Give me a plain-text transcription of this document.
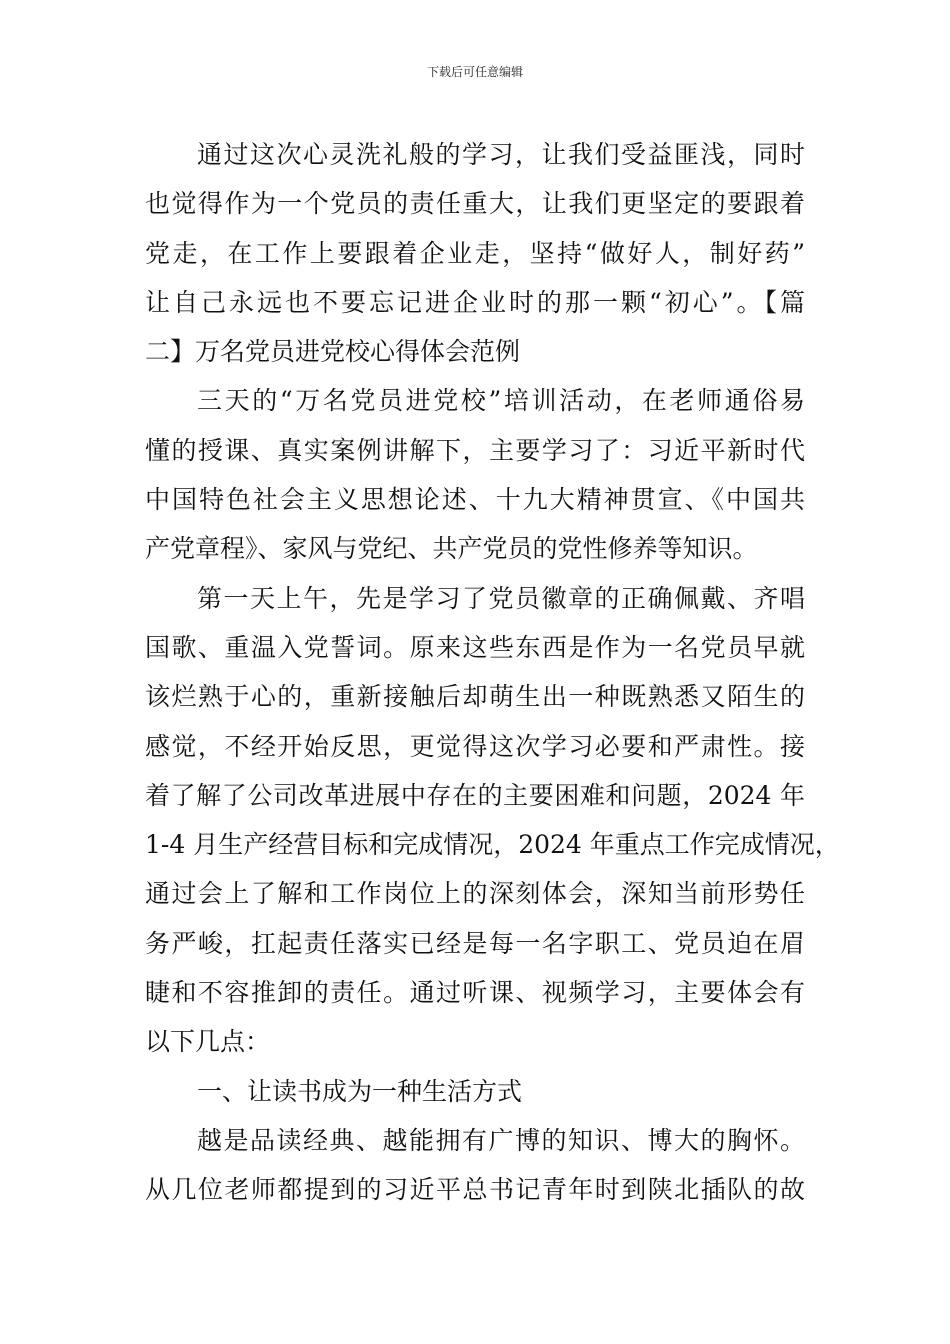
下载后可任意编辑
通过这次心灵洗礼般的学习，让我们受益匪浅，同时
也觉得作为一个党员的责任重大，让我们更坚定的要跟着
党走，在工作上要跟着企业走，坚持“做好人，制好药”
让自己永远也不要忘记进企业时的那一颗“初心”。【篇
二】万名党员进党校心得体会范例
三天的“万名党员进党校”培训活动，在老师通俗易
懂的授课、真实案例讲解下，主要学习了：习近平新时代
中国特色社会主义思想论述、十九大精神贯宣、《中国共
产党章程》、家风与党纪、共产党员的党性修养等知识。
第一天上午，先是学习了党员徽章的正确佩戴、齐唱
国歌、重温入党誓词。原来这些东西是作为一名党员早就
该烂熟于心的，重新接触后却萌生出一种既熟悉又陌生的
感觉，不经开始反思，更觉得这次学习必要和严肃性。接
着了解了公司改革进展中存在的主要困难和问题，2024 年
1-4 月生产经营目标和完成情况，2024 年重点工作完成情况，
通过会上了解和工作岗位上的深刻体会，深知当前形势任
务严峻，扛起责任落实已经是每一名字职工、党员迫在眉
睫和不容推卸的责任。通过听课、视频学习，主要体会有
以下几点：
一、让读书成为一种生活方式
越是品读经典、越能拥有广博的知识、博大的胸怀。
从几位老师都提到的习近平总书记青年时到陕北插队的故
